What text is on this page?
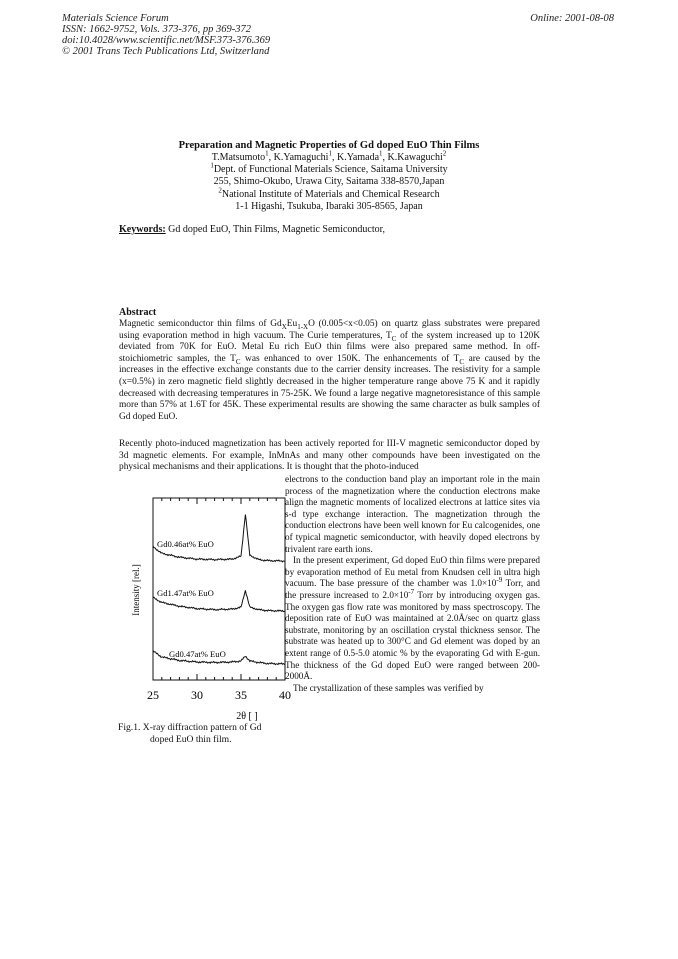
Materials Science Forum
ISSN: 1662-9752, Vols. 373-376, pp 369-372
doi:10.4028/www.scientific.net/MSF.373-376.369
© 2001 Trans Tech Publications Ltd, Switzerland
Online: 2001-08-08
Preparation and Magnetic Properties of Gd doped EuO Thin Films
T.Matsumoto$^1$, K.Yamaguchi$^1$, K.Yamada$^1$, K.Kawaguchi$^2$
$^1$Dept. of Functional Materials Science, Saitama University
255, Shimo-Okubo, Urawa City, Saitama 338-8570,Japan
$^2$National Institute of Materials and Chemical Research
1-1 Higashi, Tsukuba, Ibaraki 305-8565, Japan
Keywords: Gd doped EuO, Thin Films, Magnetic Semiconductor,
Abstract
Magnetic semiconductor thin films of $Gd_XEu_{1-X}O$ (0.005<x<0.05) on quartz glass substrates were prepared using evaporation method in high vacuum. The Curie temperatures, $T_C$ of the system increased up to 120K deviated from 70K for EuO. Metal Eu rich EuO thin films were also prepared same method. In off-stoichiometric samples, the $T_C$ was enhanced to over 150K. The enhancements of $T_C$ are caused by the increases in the effective exchange constants due to the carrier density increases. The resistivity for a sample (x=0.5%) in zero magnetic field slightly decreased in the higher temperature range above 75 K and it rapidly decreased with decreasing temperatures in 75-25K. We found a large negative magnetoresistance of this sample more than 57% at 1.6T for 45K. These experimental results are showing the same character as bulk samples of Gd doped EuO.
Recently photo-induced magnetization has been actively reported for III-V magnetic semiconductor doped by 3d magnetic elements. For example, InMnAs and many other compounds have been investigated on the physical mechanisms and their applications. It is thought that the photo-induced

electrons to the conduction band play an important role in the main process of the magnetization where the conduction electrons make align the magnetic moments of localized electrons at lattice sites via s-d type exchange interaction. The magnetization through the conduction electrons have been well known for Eu calcogenides, one of typical magnetic semiconductor, with heavily doped electrons by trivalent rare earth ions.

In the present experiment, Gd doped EuO thin films were prepared by evaporation method of Eu metal from Knudsen cell in ultra high vacuum. The base pressure of the chamber was $1.0\times 10^{-9}$ Torr, and the pressure increased to $2.0\times 10^{-7}$ Torr by introducing oxygen gas. The oxygen gas flow rate was monitored by mass spectroscopy. The deposition rate of EuO was maintained at 2.0Å/sec on quartz glass substrate, monitoring by an oscillation crystal thickness sensor. The substrate was heated up to 300°C and Gd element was doped by an extent range of 0.5-5.0 atomic % by the evaporating Gd with E-gun. The thickness of the Gd doped EuO were ranged between 200-2000Å.

The crystallization of these samples was verified by

Gd0.46at% EuO
Gd1.47at% EuO
Gd0.47at% EuO
Intensity [rel.]
25	30	35	40
2θ [ ]
Fig.1. X-ray diffraction pattern of Gd
doped EuO thin film.
